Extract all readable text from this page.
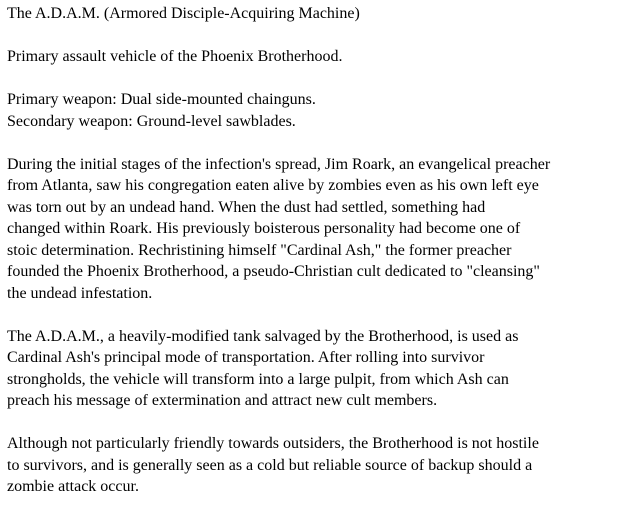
The A.D.A.M. (Armored Disciple-Acquiring Machine)

Primary assault vehicle of the Phoenix Brotherhood.

Primary weapon: Dual side-mounted chainguns.
Secondary weapon: Ground-level sawblades.

During the initial stages of the infection's spread, Jim Roark, an evangelical preacher
from Atlanta, saw his congregation eaten alive by zombies even as his own left eye
was torn out by an undead hand. When the dust had settled, something had
changed within Roark. His previously boisterous personality had become one of
stoic determination. Rechristining himself "Cardinal Ash," the former preacher
founded the Phoenix Brotherhood, a pseudo-Christian cult dedicated to "cleansing"
the undead infestation.

The A.D.A.M., a heavily-modified tank salvaged by the Brotherhood, is used as
Cardinal Ash's principal mode of transportation. After rolling into survivor
strongholds, the vehicle will transform into a large pulpit, from which Ash can
preach his message of extermination and attract new cult members.

Although not particularly friendly towards outsiders, the Brotherhood is not hostile
to survivors, and is generally seen as a cold but reliable source of backup should a
zombie attack occur.
